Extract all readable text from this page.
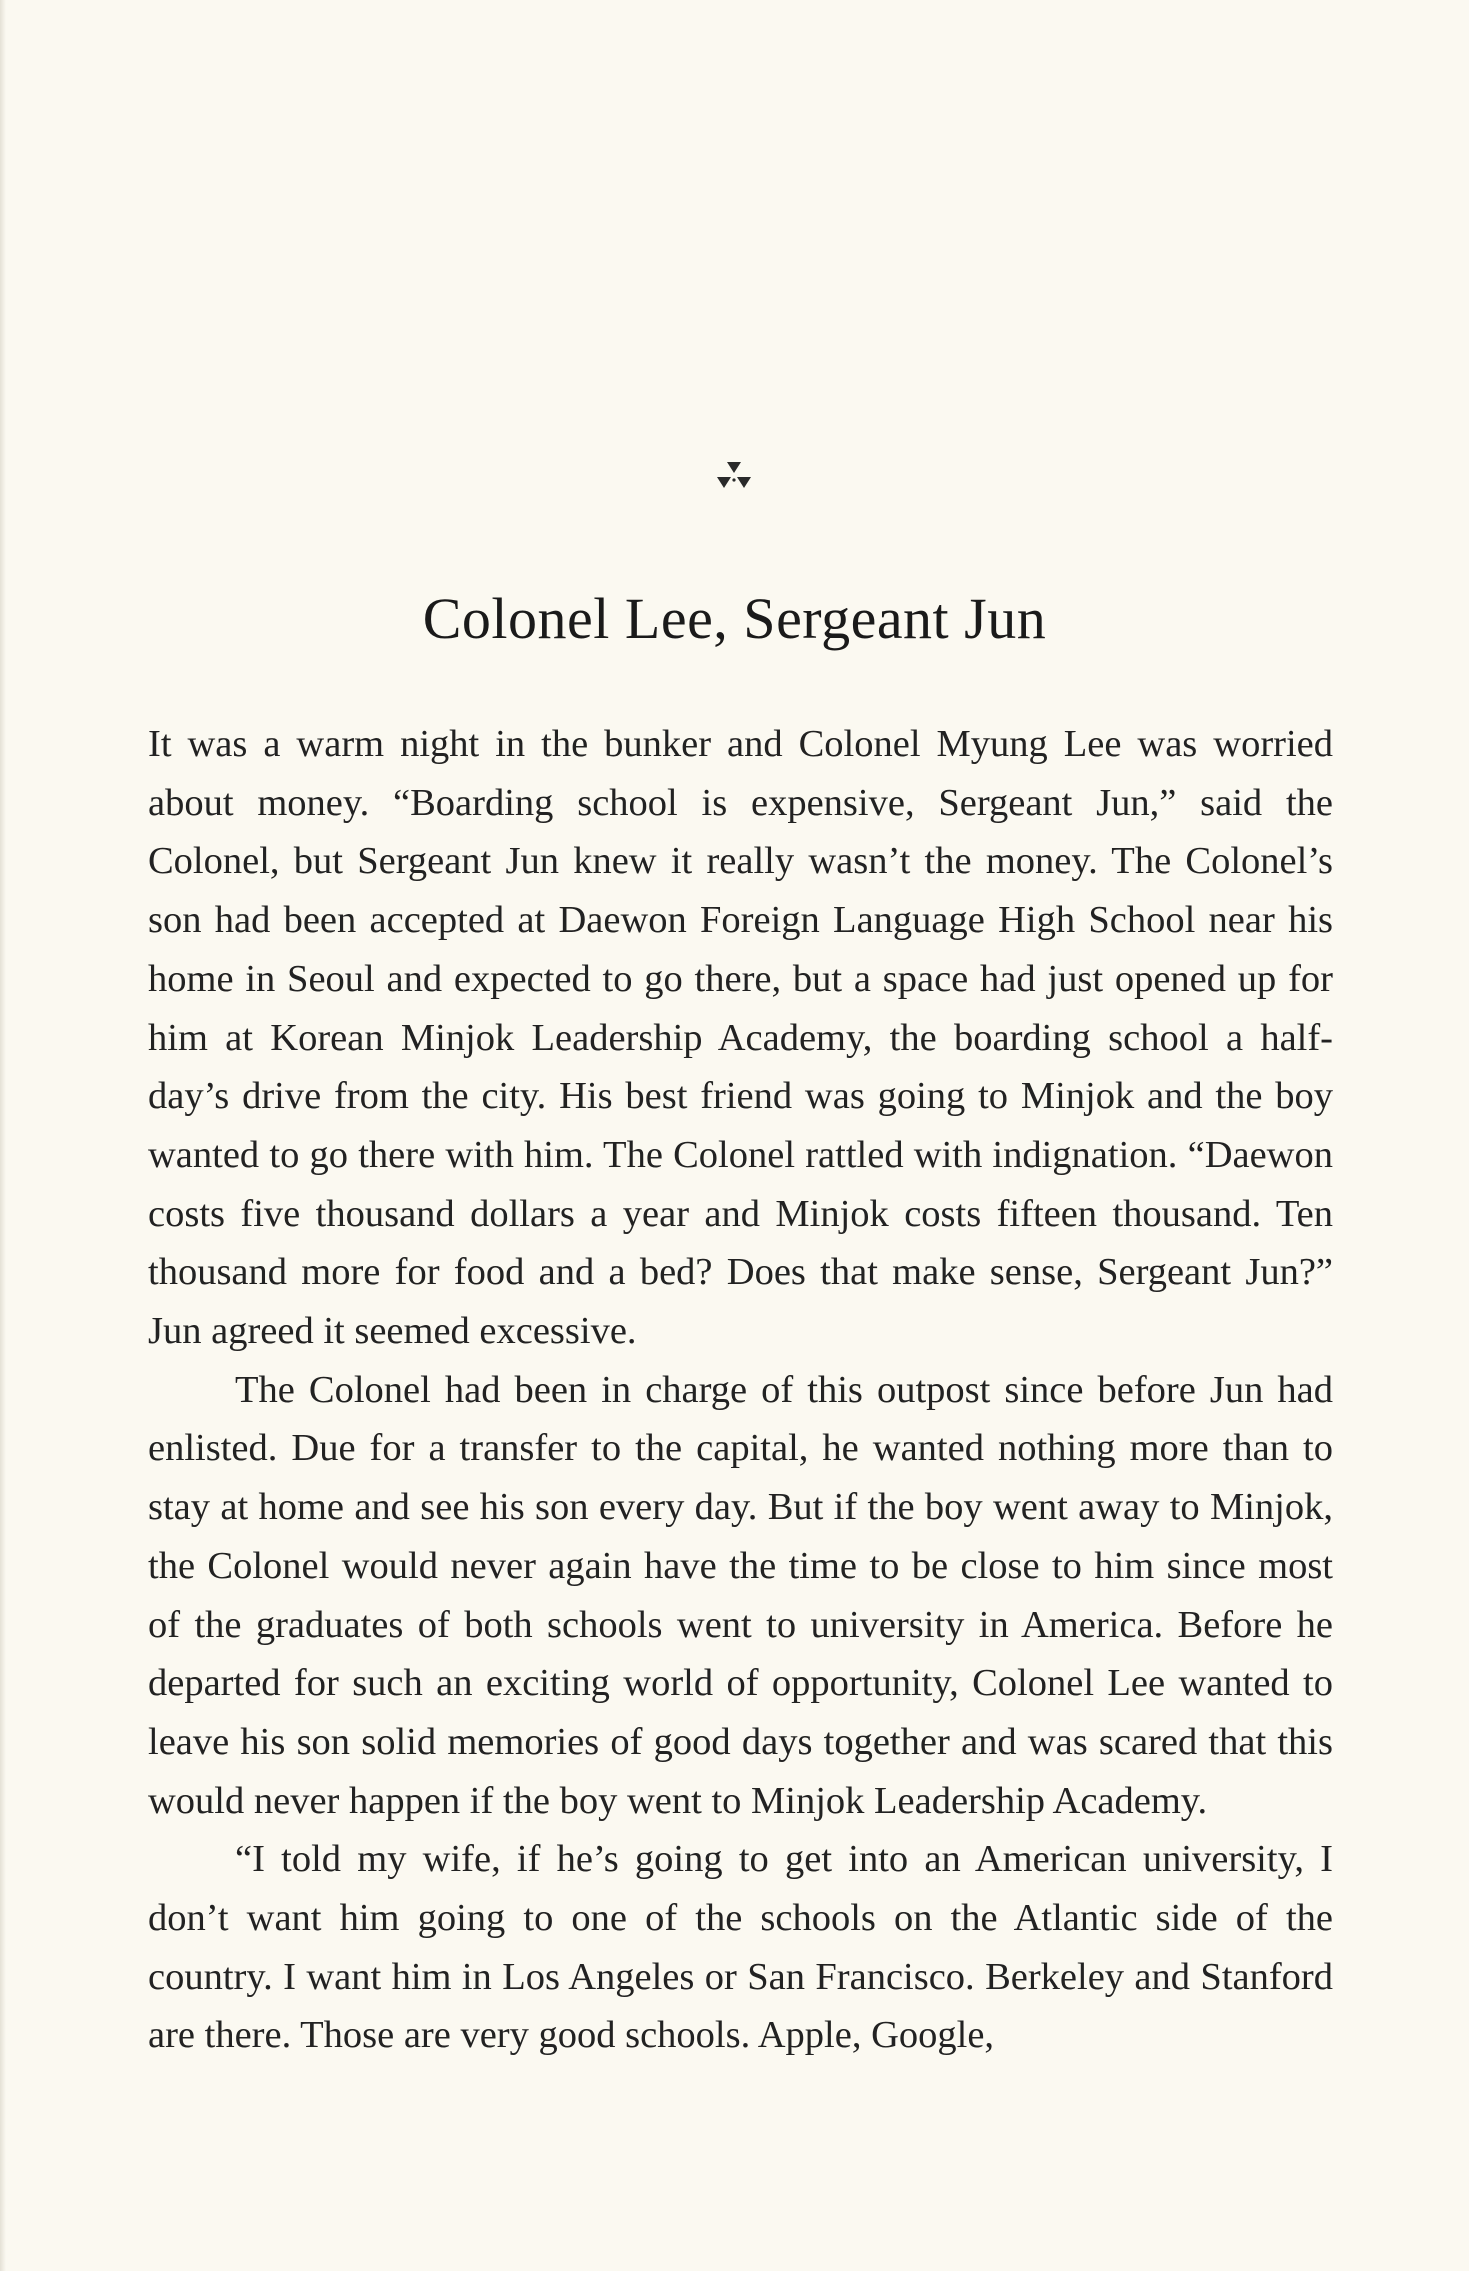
Colonel Lee, Sergeant Jun

It was a warm night in the bunker and Colonel Myung Lee was worried about money. “Boarding school is expensive, Sergeant Jun,” said the Colonel, but Sergeant Jun knew it really wasn’t the money. The Colonel’s son had been accepted at Daewon Foreign Language High School near his home in Seoul and expected to go there, but a space had just opened up for him at Korean Minjok Leadership Academy, the boarding school a half-day’s drive from the city. His best friend was going to Minjok and the boy wanted to go there with him. The Colonel rattled with indignation. “Daewon costs five thousand dollars a year and Minjok costs fifteen thousand. Ten thousand more for food and a bed? Does that make sense, Sergeant Jun?” Jun agreed it seemed excessive.

The Colonel had been in charge of this outpost since before Jun had enlisted. Due for a transfer to the capital, he wanted nothing more than to stay at home and see his son every day. But if the boy went away to Minjok, the Colonel would never again have the time to be close to him since most of the graduates of both schools went to university in America. Before he departed for such an exciting world of opportunity, Colonel Lee wanted to leave his son solid memories of good days together and was scared that this would never happen if the boy went to Minjok Leadership Academy.

“I told my wife, if he’s going to get into an American university, I don’t want him going to one of the schools on the Atlantic side of the country. I want him in Los Angeles or San Francisco. Berkeley and Stanford are there. Those are very good schools. Apple, Google,
